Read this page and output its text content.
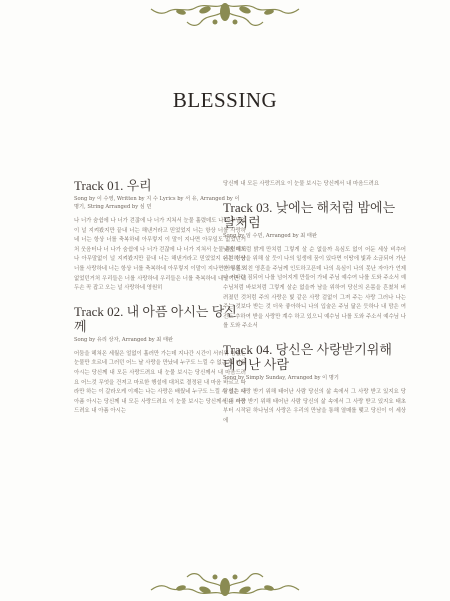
BLESSING
Track 01. 우리
Song by 이 수영, Written by 지 수 Lyrics by 서 유, Arranged by 이 명기, String Arranged by 심 민
나 너가 숨쉼에 나 너가 걷잖에 나 너가 지쳐서 눈물 흘렸데도 나 아무말없이 널 지켜봤지만 끝내 너는 해낸거라고 믿었었지 너는 항상 너를 사랑하네 너는 항상 너를 축복하네 아무렇지 이 말이 지나면 아무일도 없었던거처 웃음터나 너 나가 숨쉼에 나 너가 걷잖에 나 너가 지쳐서 눈물 흘렸데도 나 아무말없이 널 지켜봤지만 끝내 너는 해낸거라고 믿었었지 너는 항상 너를 사랑하네 너는 항상 너를 축복하네 아무렇지 이말이 지나면 아무일도 없었던거처 우리들은 너를 사랑하네 우리들은 너를 축복하네 내일이면 내 두손 꼭 잡고 오는 널 사랑하네 영원히
Track 02. 내 아픔 아시는 당신께
Song by 유리 상자, Arranged by 최 태완
어둠을 헤쳐온 세월은 얼없이 흘러만 가는데 지나간 시간이 서러워 힘없는 눈물만 흐르네 그러던 어느 날 사랑을 만났네 누구도 느낄 수 없는 내 아픔 아시는 당신께 내 모든 사랑드려요 내 눈물 보시는 당신께서 내 마음드려요 어느것 무엇을 건져고 마르한 행설에 대처로 결정된 내 마음 바르고 따라만 하는 이 갈라오케 이제는 나는 사랑은 배웠네 누구도 느낄 수 없는 내 아픔 아시는 당신께 내 모든 사랑드려요 이 눈물 보시는 당신께서 내 마음드려요 내 아픔 아시는
당신께 내 모든 사랑드려요 이 눈물 보시는 당신께서 내 마음드려요
Track 03. 낮에는 해처럼 밤에는 달처럼
Song by 임 수민, Arranged by 최 태완
낮엔 해처럼 밝게 만치럼 그렇게 살 순 없을까 욕심도 없이 어둔 세상 비추어 온전히 남을 위해 살 듯이 나의 일생에 꿈이 있다면 이땅에 빛과 소금되어 가난한 영혼 지친 영혼을 주님께 인도하고픈데 나의 욕심이 나의 못난 자아가 언제나 커다란 짐되어 나를 넘어지게 만들어 가네 주님 예수여 나를 도와 주소서 예수님처럼 바보처럼 그렇게 살순 없을까 남을 위하여 당신의 온몸을 흔쳤처 버려졌던 것처럼 주의 사랑은 빛 같은 사랑 겉없이 그져 주는 사랑 그러나 나는 주는 것보다 받는 것 더욱 좋아하니 나의 입술은 주님 닮은 듯하나 내 맘은 여전도 추하여 받을 사랑만 계수 하고 있으니 예수님 나를 도와 주소서 예수님 나를 도와 주소서
Track 04. 당신은 사랑받기위해 태어난 사람
Song by Simply Sunday, Arranged by 이 명기
당신은 사랑 받기 위해 태어난 사람 당신의 삶 속에서 그 사랑 받고 있지요 당신은 사랑 받기 위해 태어난 사람 당신의 삶 속에서 그 사랑 받고 있지요 태초부터 시작된 하나님의 사랑은 우리의 만남을 통해 열매를 맺고 당신이 이 세상에
